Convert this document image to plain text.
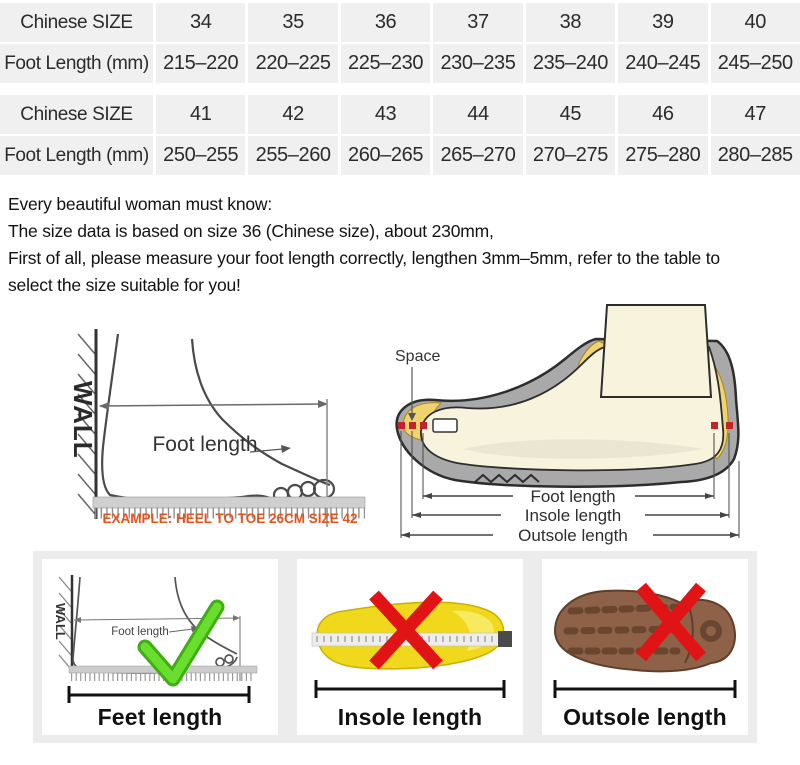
Chinese SIZE	34	35	36	37	38	39	40
Foot Length (mm) 215–220 220–225 225–230 230–235 235–240 240–245 245–250
Chinese SIZE	41	42	43	44	45	46	47
Foot Length (mm) 250–255 255–260 260–265 265–270 270–275 275–280 280–285
Every beautiful woman must know:
The size data is based on size 36 (Chinese size), about 230mm,
First of all, please measure your foot length correctly, lengthen 3mm–5mm, refer to the table to
select the size suitable for you!
WALL	Foot length
EXAMPLE: HEEL TO TOE 26CM SIZE 42
Space
Foot length
Insole length
Outsole length
WALL	Foot length
Feet length	Insole length	Outsole length
